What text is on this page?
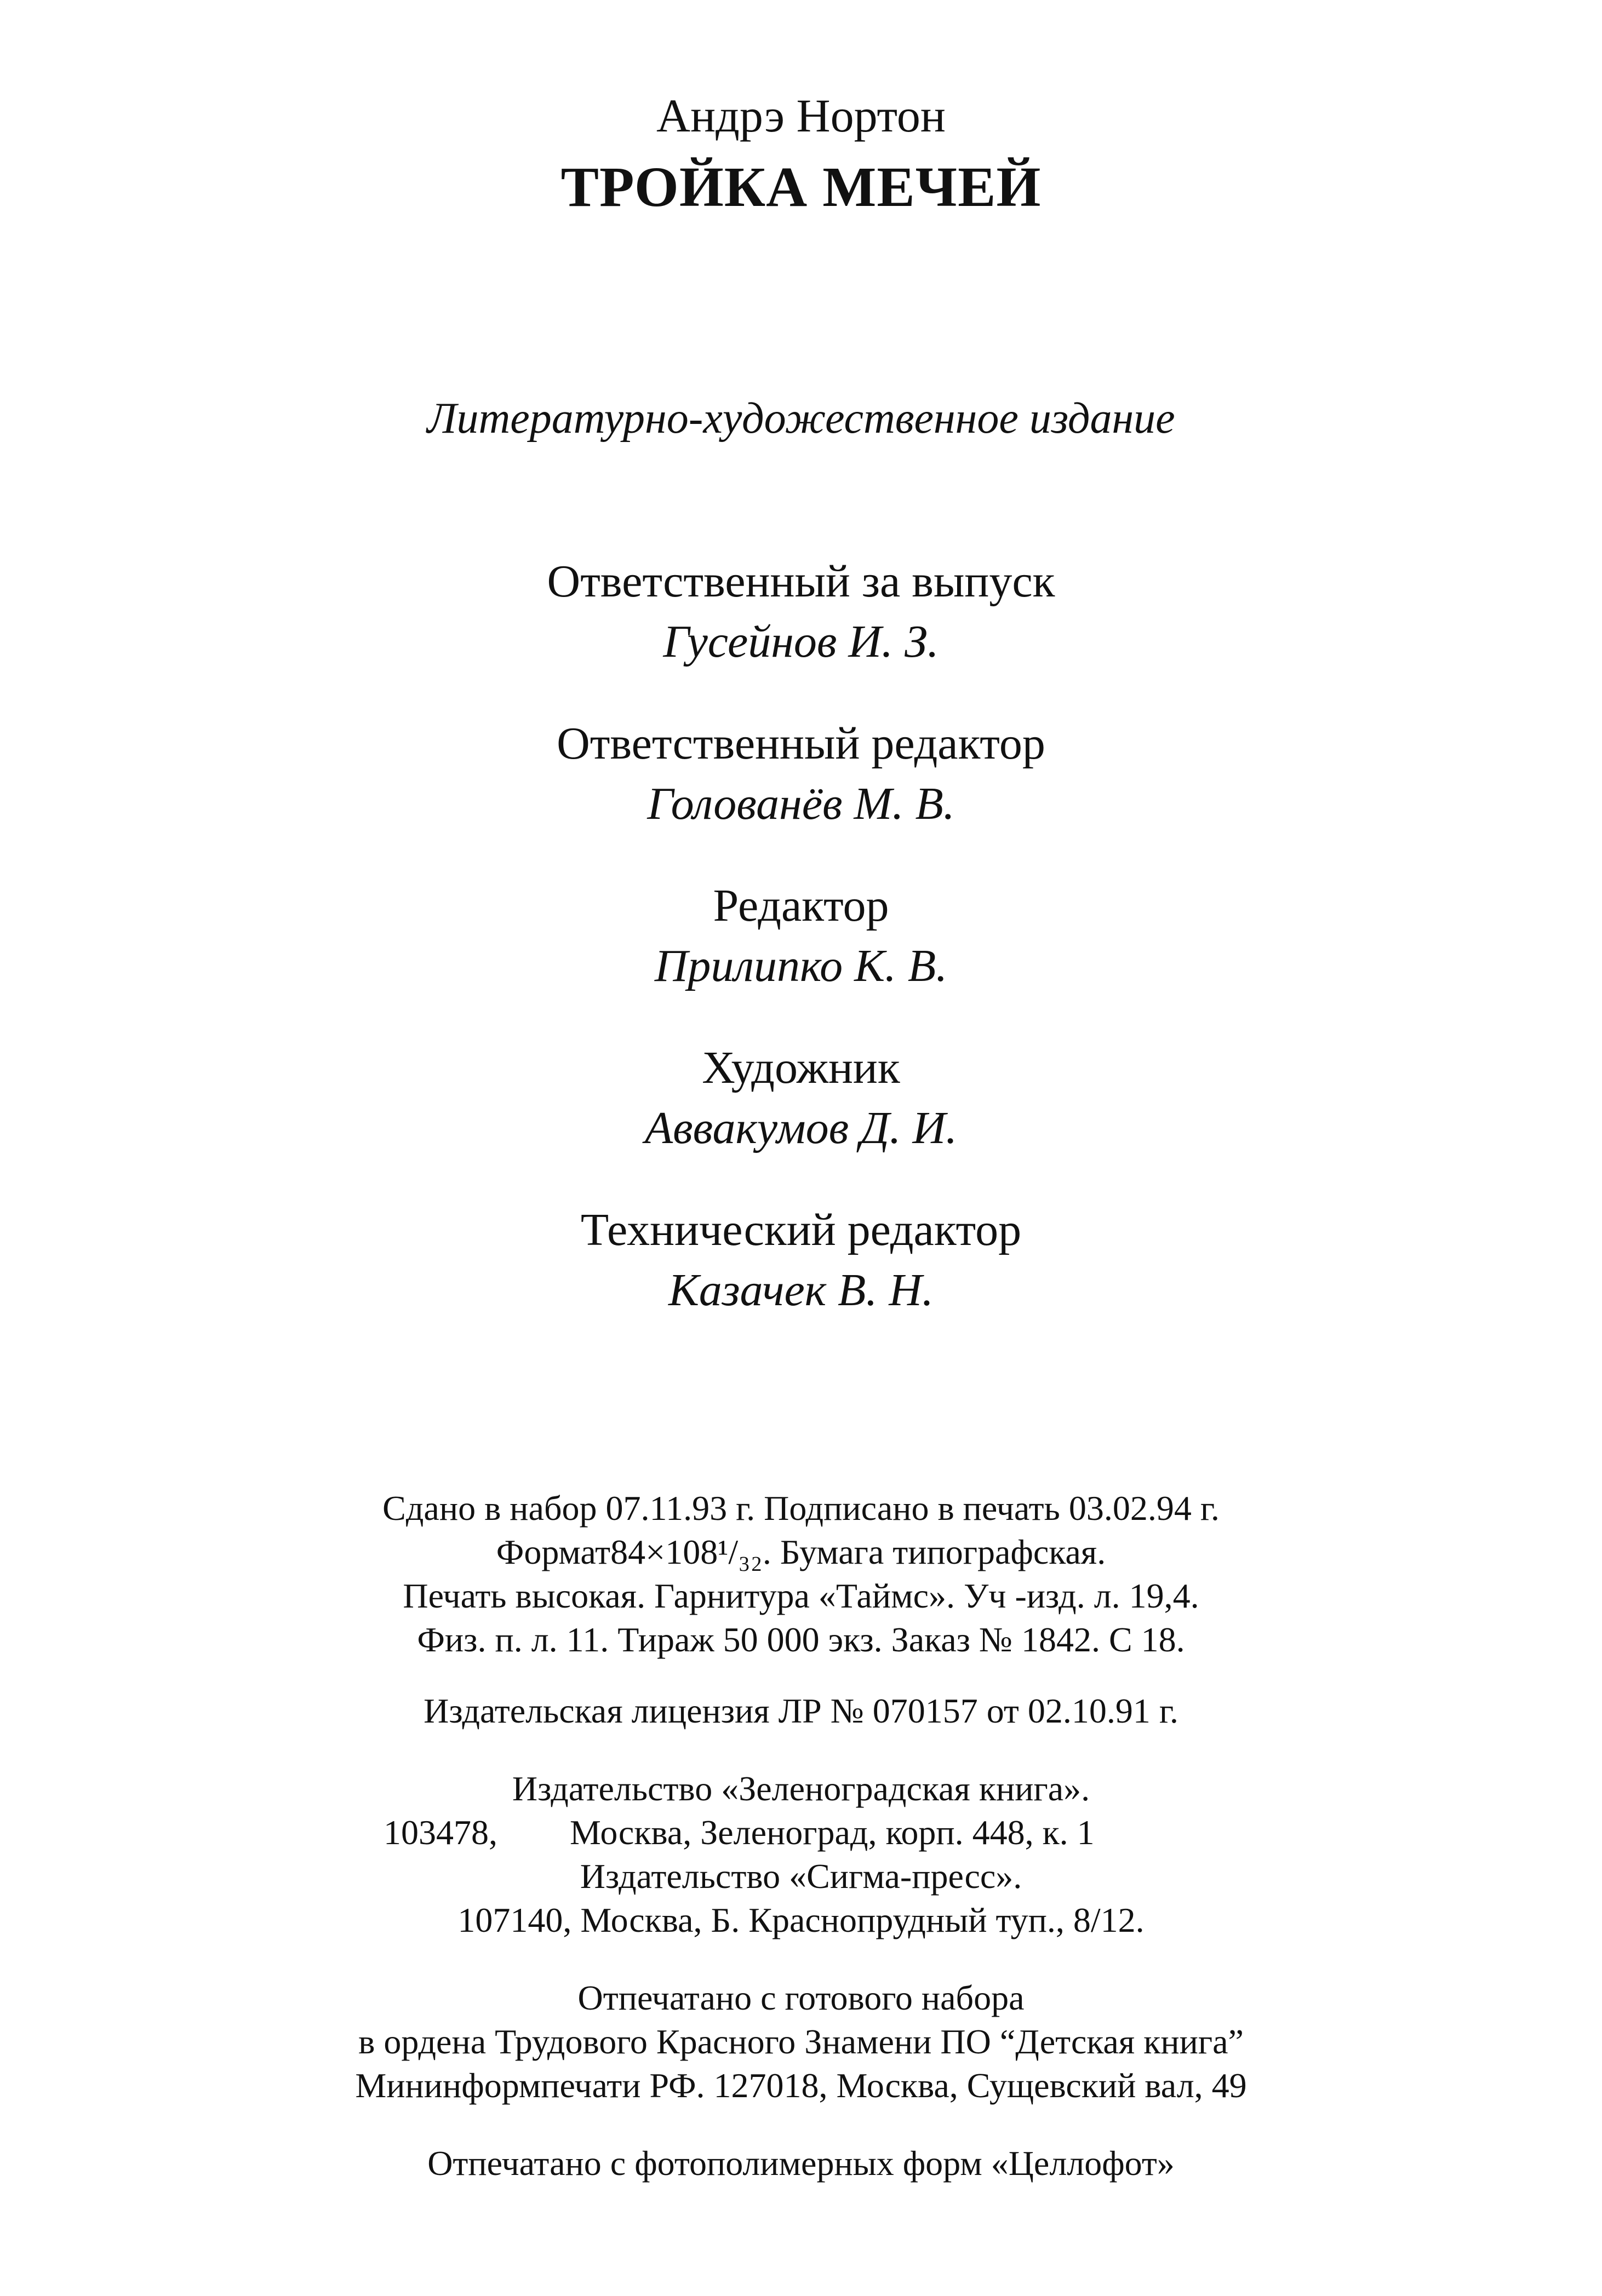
Андрэ Нортон
ТРОЙКА МЕЧЕЙ
Литературно-художественное издание
Ответственный за выпуск
Гусейнов И. З.
Ответственный редактор
Голованёв М. В.
Редактор
Прилипко К. В.
Художник
Аввакумов Д. И.
Технический редактор
Казачек В. Н.
Сдано в набор 07.11.93 г. Подписано в печать 03.02.94 г.
Формат84×108¹/₃₂. Бумага типографская.
Печать высокая. Гарнитура «Таймс». Уч -изд. л. 19,4.
Физ. п. л. 11. Тираж 50 000 экз. Заказ № 1842. С 18.
Издательская лицензия ЛР № 070157 от 02.10.91 г.
Издательство «Зеленоградская книга».
103478, Москва, Зеленоград, корп. 448, к. 1
Издательство «Сигма-пресс».
107140, Москва, Б. Краснопрудный туп., 8/12.
Отпечатано с готового набора
в ордена Трудового Красного Знамени ПО “Детская книга”
Мининформпечати РФ. 127018, Москва, Сущевский вал, 49
Отпечатано с фотополимерных форм «Целлофот»
